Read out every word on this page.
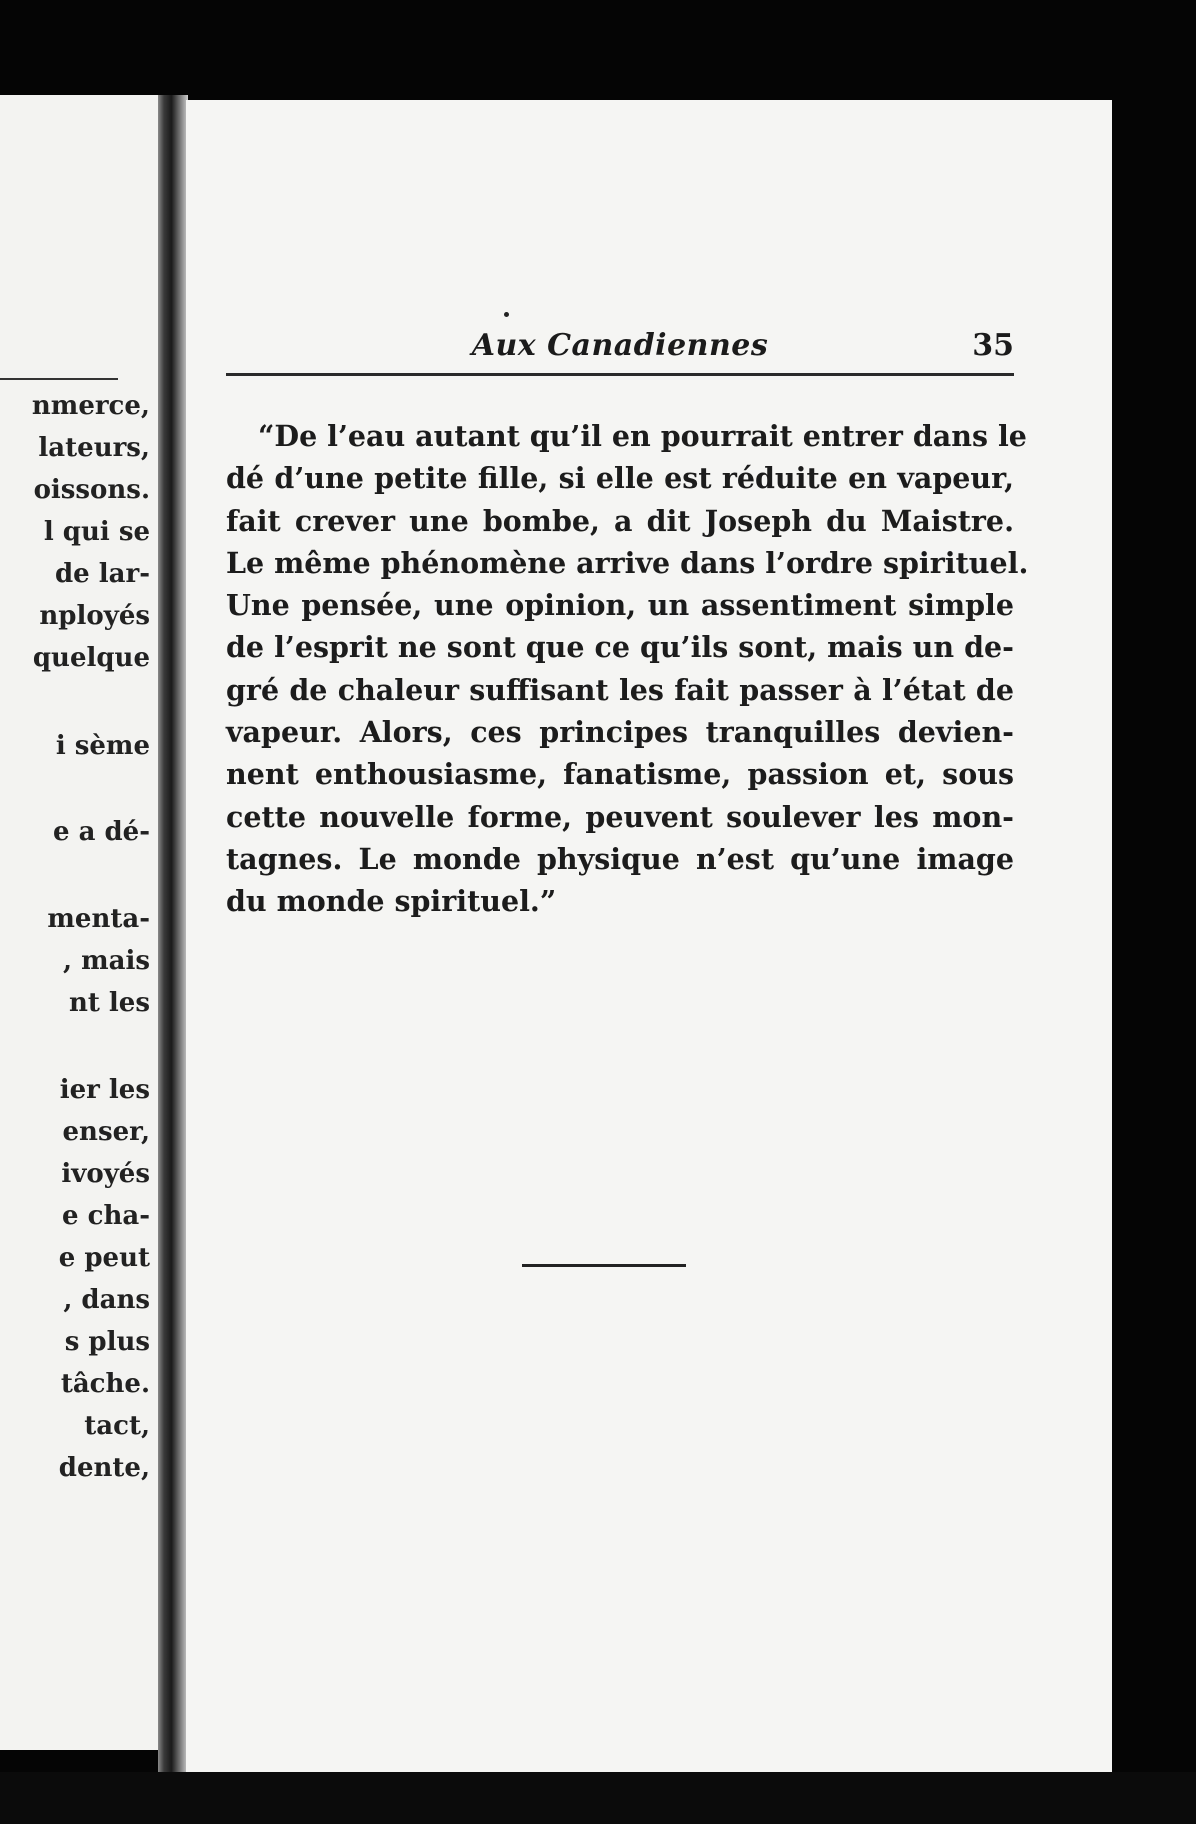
nmerce,
lateurs,
oissons.
l qui se
de lar-
nployés
quelque
i sème
e a dé-
menta-
, mais
nt les
ier les
enser,
ivoyés
e cha-
e peut
, dans
s plus
tâche.
tact,
dente,
Aux Canadiennes	35

“De l’eau autant qu’il en pourrait entrer dans le
dé d’une petite fille, si elle est réduite en vapeur,
fait crever une bombe, a dit Joseph du Maistre.
Le même phénomène arrive dans l’ordre spirituel.
Une pensée, une opinion, un assentiment simple
de l’esprit ne sont que ce qu’ils sont, mais un de-
gré de chaleur suffisant les fait passer à l’état de
vapeur. Alors, ces principes tranquilles devien-
nent enthousiasme, fanatisme, passion et, sous
cette nouvelle forme, peuvent soulever les mon-
tagnes. Le monde physique n’est qu’une image
du monde spirituel.”
